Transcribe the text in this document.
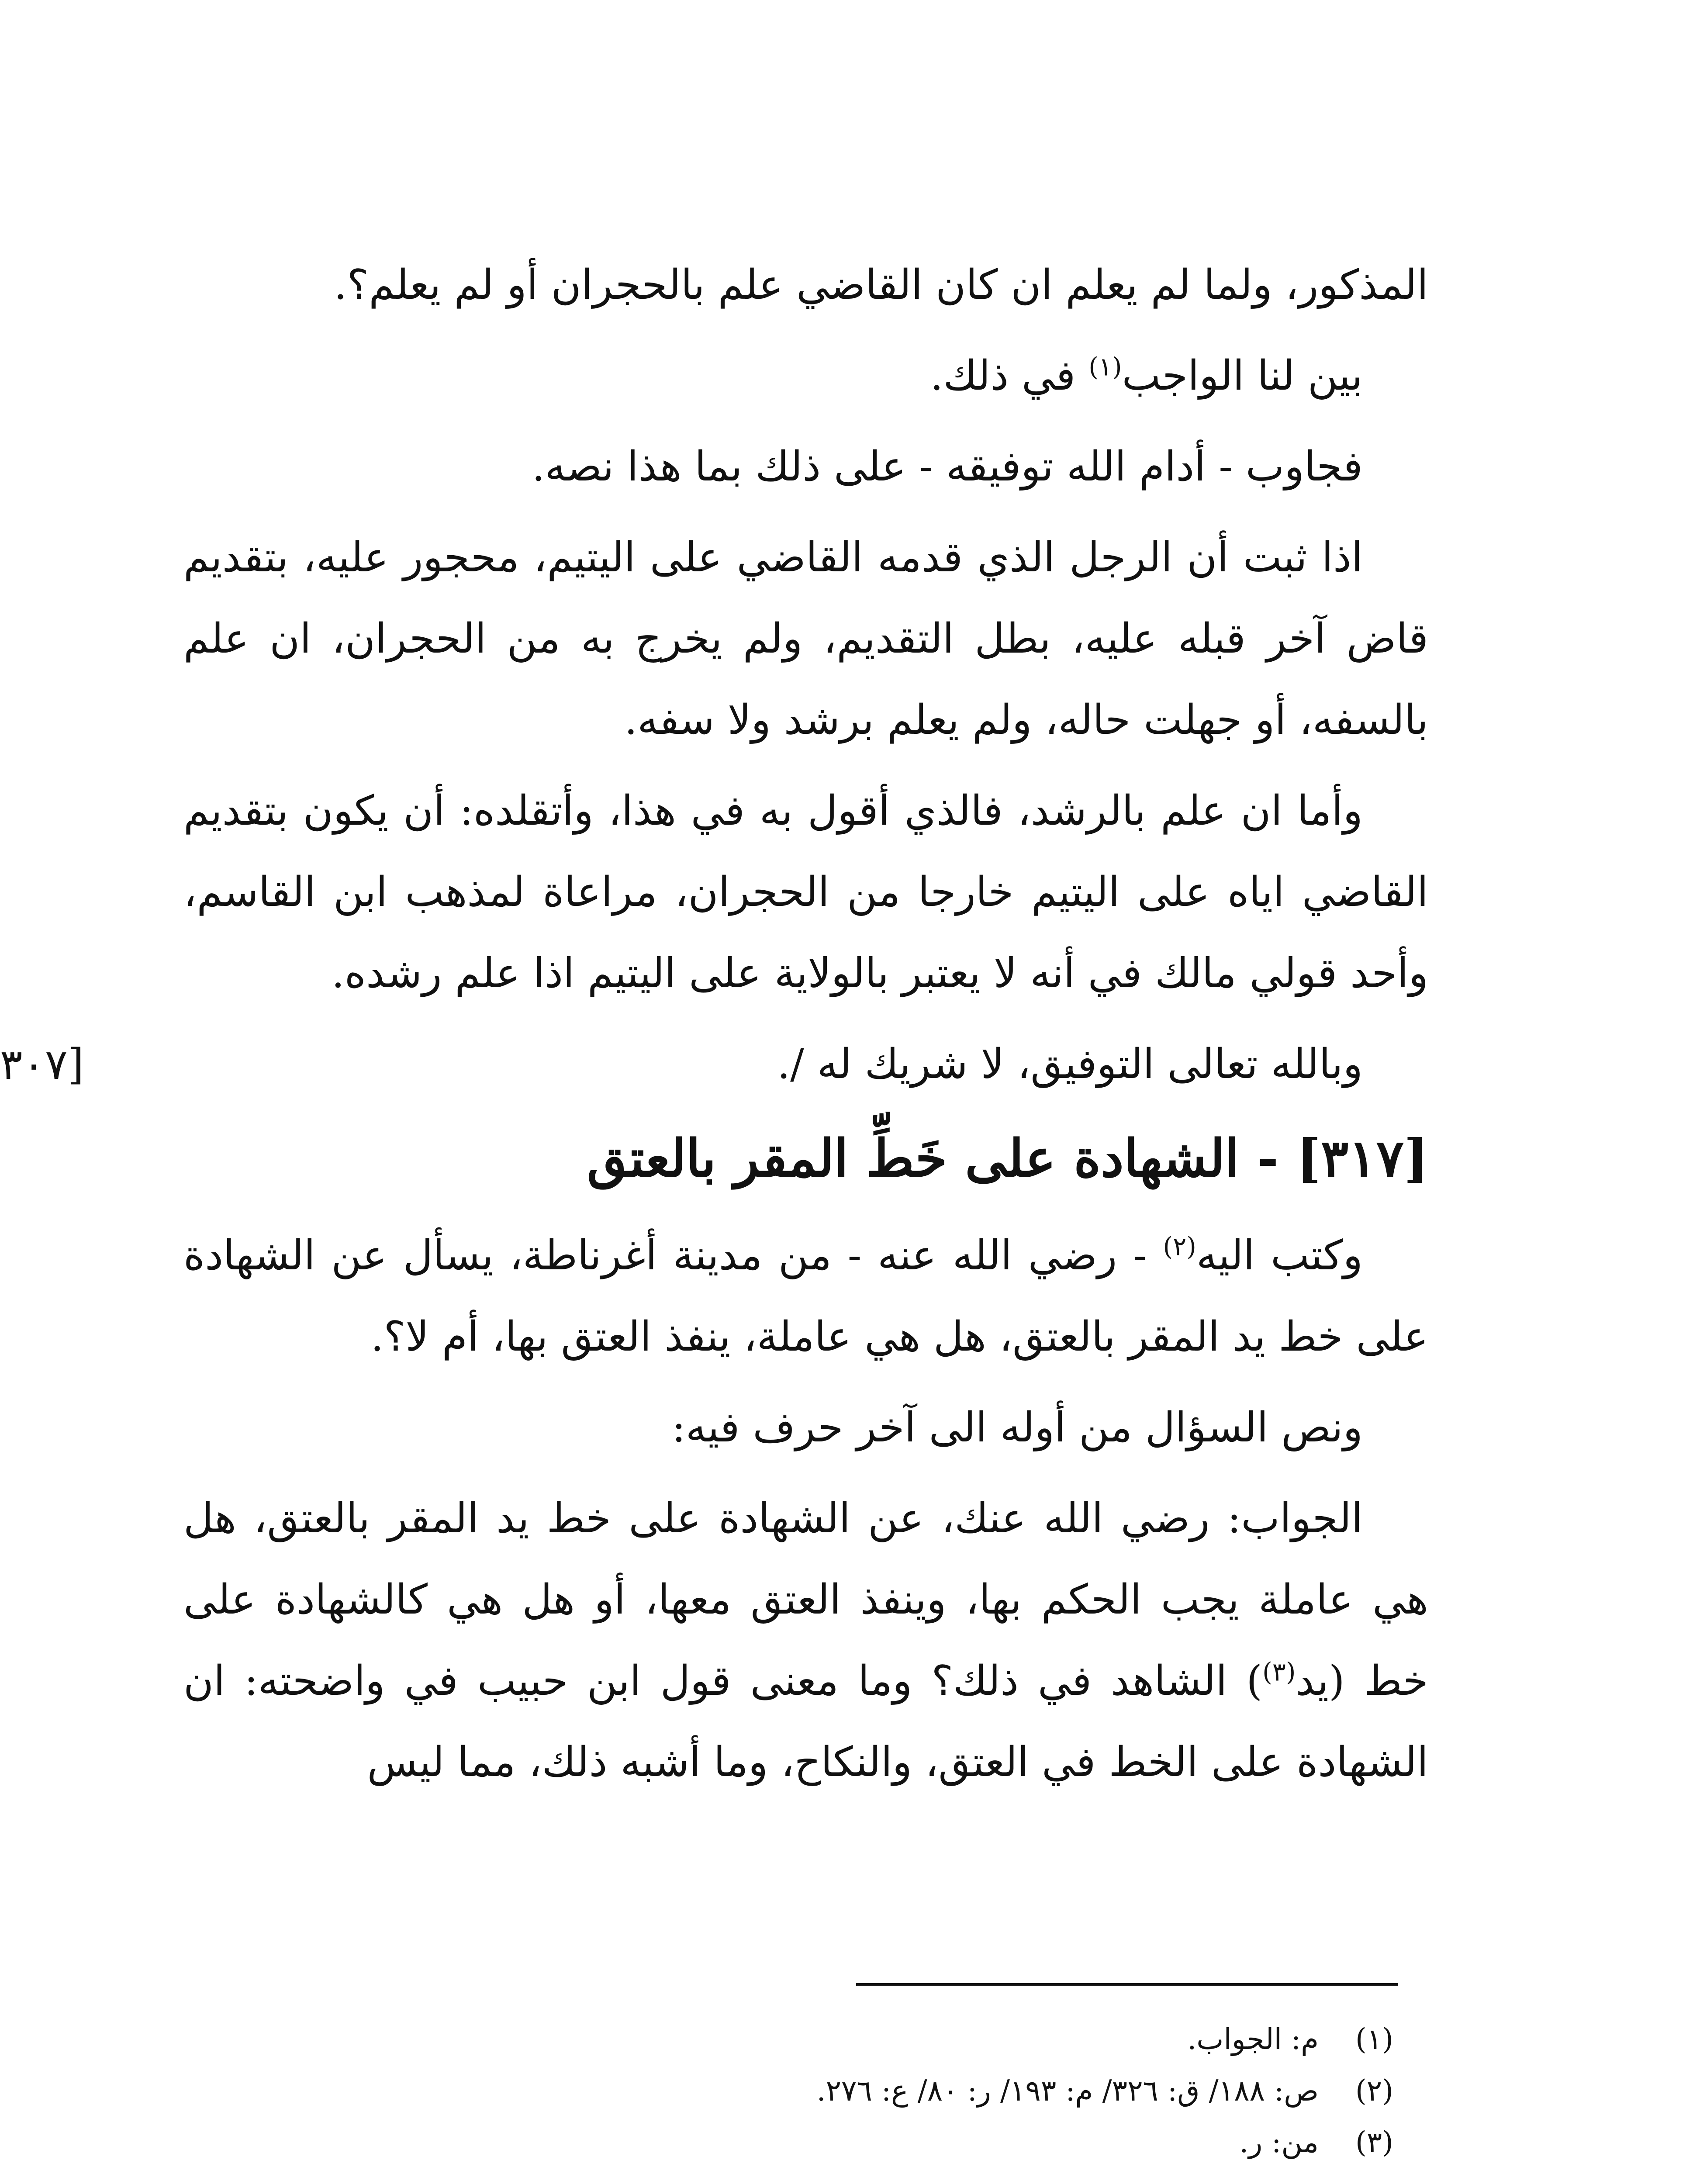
المذكور، ولما لم يعلم ان كان القاضي علم بالحجران أو لم يعلم؟.

بين لنا الواجب$^{(١)}$ في ذلك.

فجاوب - أدام الله توفيقه - على ذلك بما هذا نصه.

اذا ثبت أن الرجل الذي قدمه القاضي على اليتيم، محجور عليه، بتقديم قاض آخر قبله عليه، بطل التقديم، ولم يخرج به من الحجران، ان علم بالسفه، أو جهلت حاله، ولم يعلم برشد ولا سفه.

وأما ان علم بالرشد، فالذي أقول به في هذا، وأتقلده: أن يكون بتقديم القاضي اياه على اليتيم خارجا من الحجران، مراعاة لمذهب ابن القاسم، وأحد قولي مالك في أنه لا يعتبر بالولاية على اليتيم اذا علم رشده.

وبالله تعالى التوفيق، لا شريك له /.
[٣٠٧

[٣١٧] - الشهادة على خَطِّ المقر بالعتق

وكتب اليه$^{(٢)}$ - رضي الله عنه - من مدينة أغرناطة، يسأل عن الشهادة على خط يد المقر بالعتق، هل هي عاملة، ينفذ العتق بها، أم لا؟.

ونص السؤال من أوله الى آخر حرف فيه:

الجواب: رضي الله عنك، عن الشهادة على خط يد المقر بالعتق، هل هي عاملة يجب الحكم بها، وينفذ العتق معها، أو هل هي كالشهادة على خط (يد$^{(٣)}$) الشاهد في ذلك؟ وما معنى قول ابن حبيب في واضحته: ان الشهادة على الخط في العتق، والنكاح، وما أشبه ذلك، مما ليس

(١) م: الجواب.
(٢) ص: ١٨٨/ ق: ٣٢٦/ م: ١٩٣/ ر: ٨٠/ ع: ٢٧٦.
(٣) من: ر.
